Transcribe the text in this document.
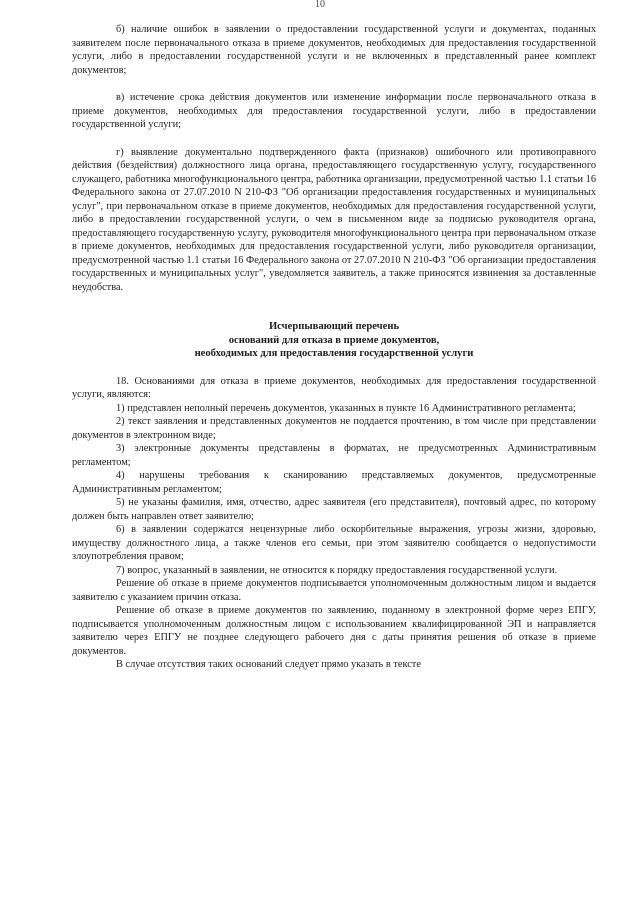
10

б) наличие ошибок в заявлении о предоставлении государственной услуги и документах, поданных заявителем после первоначального отказа в приеме документов, необходимых для предоставления государственной услуги, либо в предоставлении государственной услуги и не включенных в представленный ранее комплект документов;

в) истечение срока действия документов или изменение информации после первоначального отказа в приеме документов, необходимых для предоставления государственной услуги, либо в предоставлении государственной услуги;

г) выявление документально подтвержденного факта (признаков) ошибочного или противоправного действия (бездействия) должностного лица органа, предоставляющего государственную услугу, государственного служащего, работника многофункционального центра, работника организации, предусмотренной частью 1.1 статьи 16 Федерального закона от 27.07.2010 N 210-ФЗ "Об организации предоставления государственных и муниципальных услуг", при первоначальном отказе в приеме документов, необходимых для предоставления государственной услуги, либо в предоставлении государственной услуги, о чем в письменном виде за подписью руководителя органа, предоставляющего государственную услугу, руководителя многофункционального центра при первоначальном отказе в приеме документов, необходимых для предоставления государственной услуги, либо руководителя организации, предусмотренной частью 1.1 статьи 16 Федерального закона от 27.07.2010 N 210-ФЗ "Об организации предоставления государственных и муниципальных услуг", уведомляется заявитель, а также приносятся извинения за доставленные неудобства.

Исчерпывающий перечень
оснований для отказа в приеме документов,
необходимых для предоставления государственной услуги

18. Основаниями для отказа в приеме документов, необходимых для предоставления государственной услуги, являются:

1) представлен неполный перечень документов, указанных в пункте 16 Административного регламента;

2) текст заявления и представленных документов не поддается прочтению, в том числе при представлении документов в электронном виде;

3) электронные документы представлены в форматах, не предусмотренных Административным регламентом;

4) нарушены требования к сканированию представляемых документов, предусмотренные Административным регламентом;

5) не указаны фамилия, имя, отчество, адрес заявителя (его представителя), почтовый адрес, по которому должен быть направлен ответ заявителю;

6) в заявлении содержатся нецензурные либо оскорбительные выражения, угрозы жизни, здоровью, имуществу должностного лица, а также членов его семьи, при этом заявителю сообщается о недопустимости злоупотребления правом;

7) вопрос, указанный в заявлении, не относится к порядку предоставления государственной услуги.

Решение об отказе в приеме документов подписывается уполномоченным должностным лицом и выдается заявителю с указанием причин отказа.

Решение об отказе в приеме документов по заявлению, поданному в электронной форме через ЕПГУ, подписывается уполномоченным должностным лицом с использованием квалифицированной ЭП и направляется заявителю через ЕПГУ не позднее следующего рабочего дня с даты принятия решения об отказе в приеме документов.

В случае отсутствия таких оснований следует прямо указать в тексте
